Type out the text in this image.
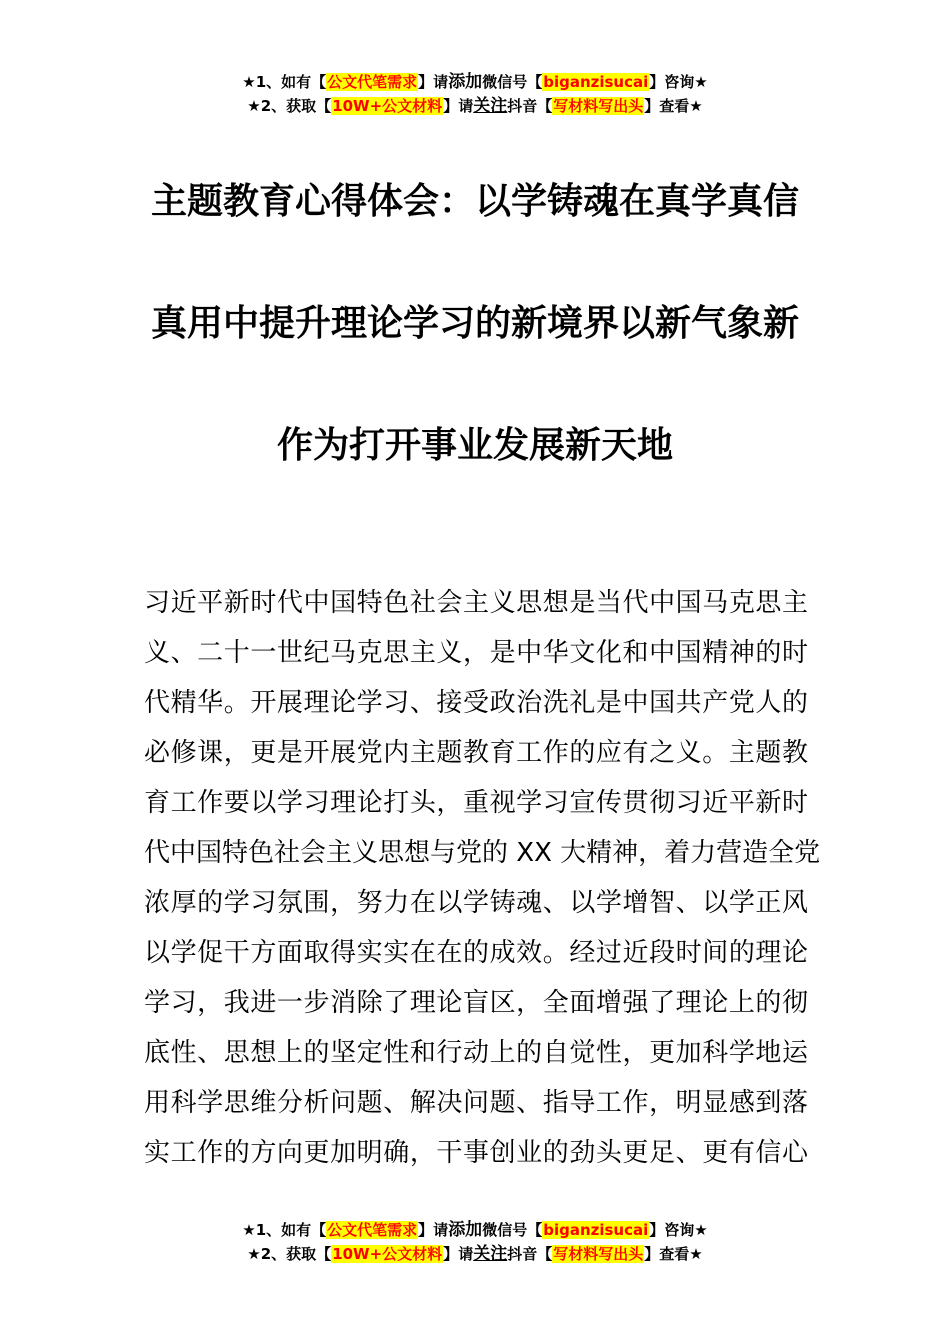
★1、如有【公文代笔需求】请添加微信号【biganzisucai】咨询★
★2、获取【10W+公文材料】请关注抖音【写材料写出头】查看★
主题教育心得体会：以学铸魂在真学真信
真用中提升理论学习的新境界以新气象新
作为打开事业发展新天地
习近平新时代中国特色社会主义思想是当代中国马克思主
义、二十一世纪马克思主义，是中华文化和中国精神的时
代精华。开展理论学习、接受政治洗礼是中国共产党人的
必修课，更是开展党内主题教育工作的应有之义。主题教
育工作要以学习理论打头，重视学习宣传贯彻习近平新时
代中国特色社会主义思想与党的 XX 大精神，着力营造全党
浓厚的学习氛围，努力在以学铸魂、以学增智、以学正风
以学促干方面取得实实在在的成效。经过近段时间的理论
学习，我进一步消除了理论盲区，全面增强了理论上的彻
底性、思想上的坚定性和行动上的自觉性，更加科学地运
用科学思维分析问题、解决问题、指导工作，明显感到落
实工作的方向更加明确，干事创业的劲头更足、更有信心
★1、如有【公文代笔需求】请添加微信号【biganzisucai】咨询★
★2、获取【10W+公文材料】请关注抖音【写材料写出头】查看★
